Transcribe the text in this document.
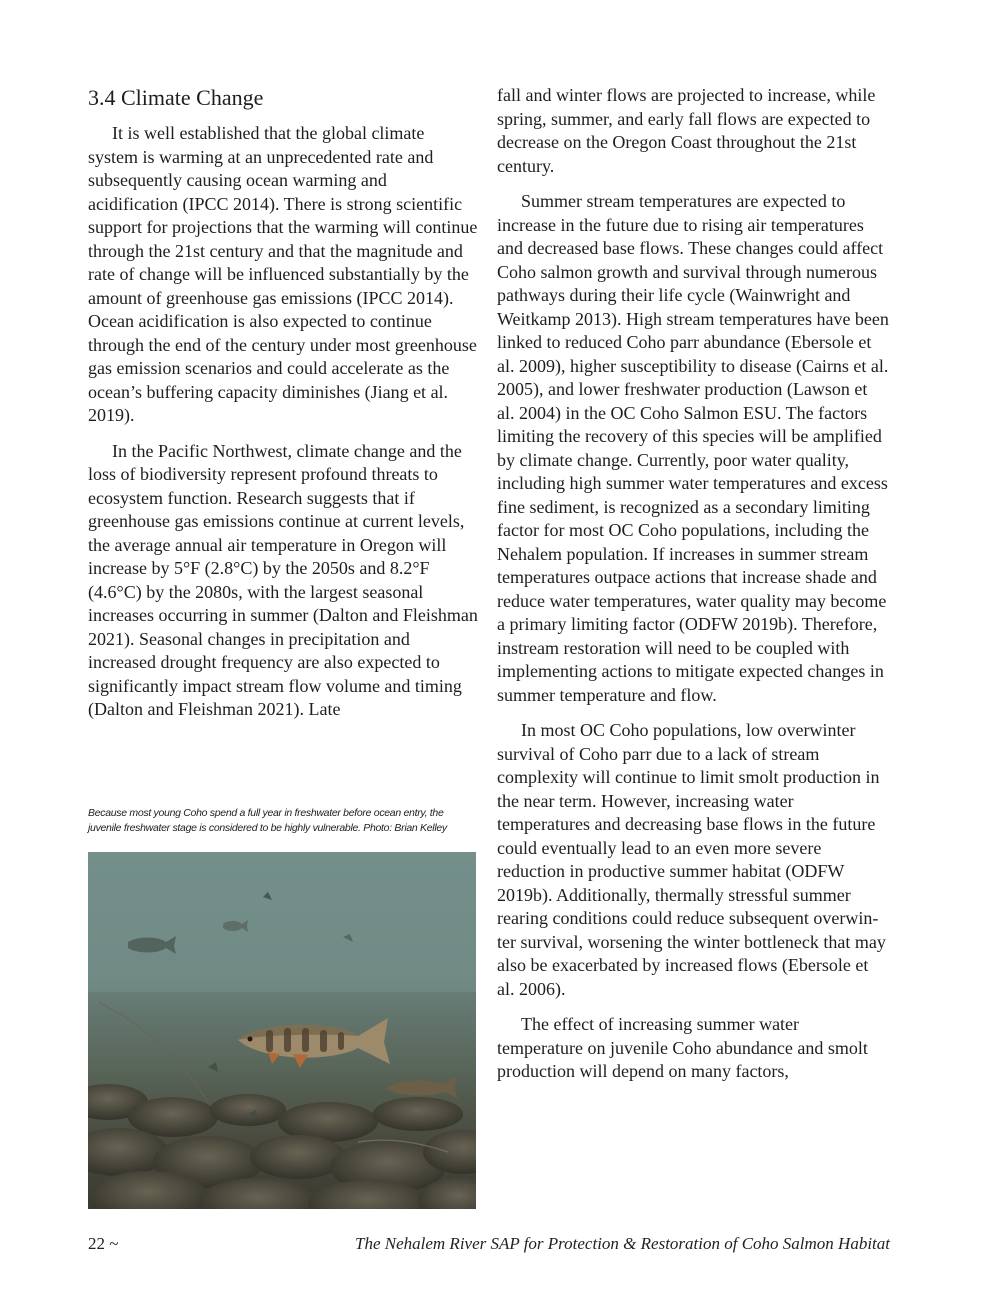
3.4 Climate Change

It is well established that the global climate system is warming at an unprecedented rate and subsequently causing ocean warming and acidification (IPCC 2014). There is strong scientific support for projections that the warming will continue through the 21st century and that the magnitude and rate of change will be influenced substantially by the amount of greenhouse gas emissions (IPCC 2014). Ocean acidification is also expected to continue through the end of the century under most greenhouse gas emission scenarios and could accelerate as the ocean’s buffering capacity diminishes (Jiang et al. 2019).

In the Pacific Northwest, climate change and the loss of biodiversity represent profound threats to ecosystem function. Research suggests that if greenhouse gas emissions continue at current levels, the average annual air temperature in Oregon will increase by 5°F (2.8°C) by the 2050s and 8.2°F (4.6°C) by the 2080s, with the largest seasonal increases occurring in summer (Dalton and Fleishman 2021). Seasonal changes in precipitation and increased drought frequency are also expected to significantly impact stream flow volume and timing (Dalton and Fleishman 2021). Late

Because most young Coho spend a full year in freshwater before ocean entry, the juvenile freshwater stage is considered to be highly vulnerable. Photo: Brian Kelley

fall and winter flows are projected to increase, while spring, summer, and early fall flows are expected to decrease on the Oregon Coast throughout the 21st century.

Summer stream temperatures are expected to increase in the future due to rising air temperatures and decreased base flows. These changes could affect Coho salmon growth and survival through numerous pathways during their life cycle (Wainwright and Weitkamp 2013). High stream temperatures have been linked to reduced Coho parr abundance (Ebersole et al. 2009), higher susceptibility to disease (Cairns et al. 2005), and lower freshwater production (Lawson et al. 2004) in the OC Coho Salmon ESU. The factors limiting the recovery of this species will be amplified by climate change. Currently, poor water quality, including high summer water temperatures and excess fine sediment, is recognized as a secondary limiting factor for most OC Coho populations, including the Nehalem population. If increases in summer stream temperatures outpace actions that increase shade and reduce water temperatures, water quality may become a primary limiting factor (ODFW 2019b). Therefore, instream restoration will need to be coupled with implementing actions to mitigate expected changes in summer temperature and flow.

In most OC Coho populations, low overwinter survival of Coho parr due to a lack of stream complexity will continue to limit smolt production in the near term. However, increasing water temperatures and decreasing base flows in the future could eventually lead to an even more severe reduction in productive summer habitat (ODFW 2019b). Additionally, thermally stressful summer rearing conditions could reduce subsequent overwinter survival, worsening the winter bottleneck that may also be exacerbated by increased flows (Ebersole et al. 2006).

The effect of increasing summer water temperature on juvenile Coho abundance and smolt production will depend on many factors,

22 ~	The Nehalem River SAP for Protection & Restoration of Coho Salmon Habitat
